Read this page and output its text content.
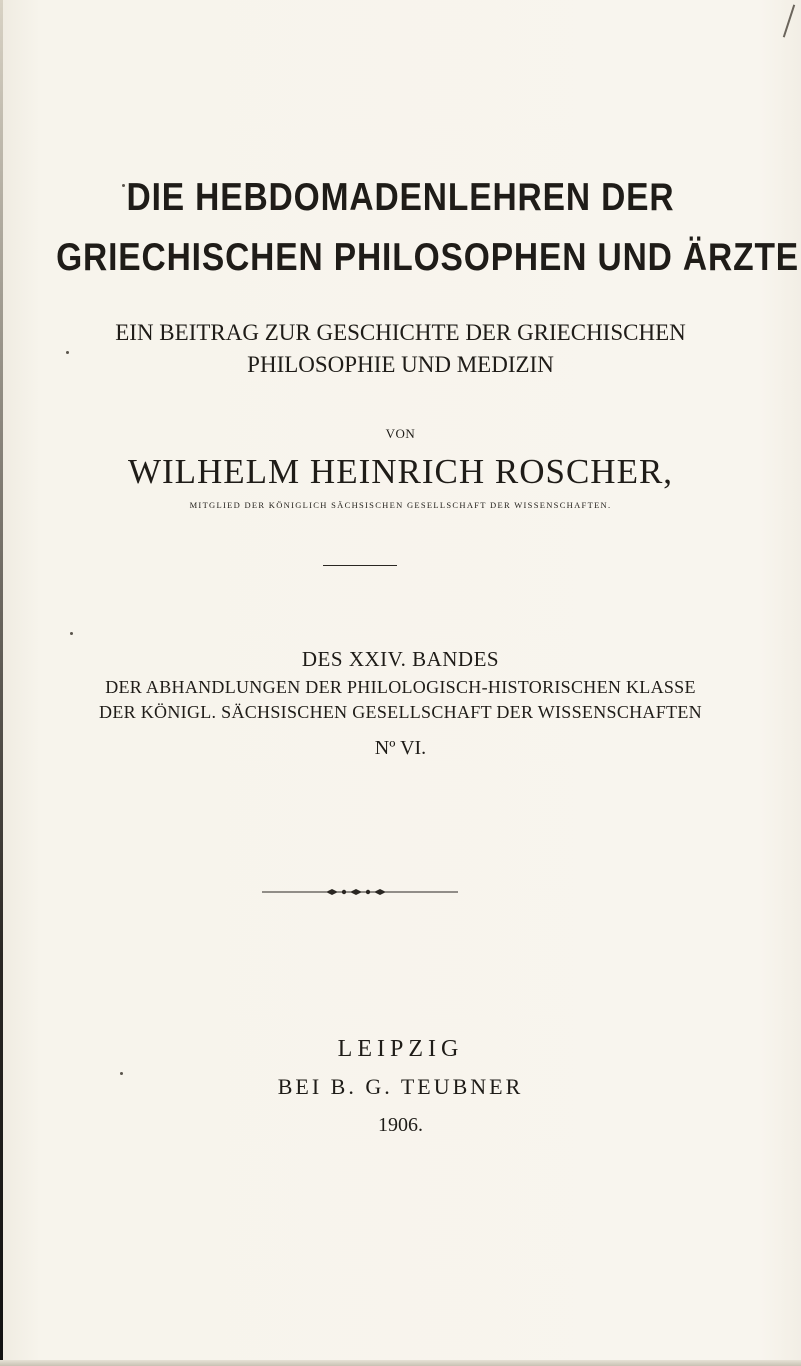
DIE HEBDOMADENLEHREN DER
GRIECHISCHEN PHILOSOPHEN UND ÄRZTE
EIN BEITRAG ZUR GESCHICHTE DER GRIECHISCHEN
PHILOSOPHIE UND MEDIZIN
VON
WILHELM HEINRICH ROSCHER,
MITGLIED DER KÖNIGLICH SÄCHSISCHEN GESELLSCHAFT DER WISSENSCHAFTEN.
DES XXIV. BANDES
DER ABHANDLUNGEN DER PHILOLOGISCH-HISTORISCHEN KLASSE
DER KÖNIGL. SÄCHSISCHEN GESELLSCHAFT DER WISSENSCHAFTEN
Nº VI.
LEIPZIG
BEI B. G. TEUBNER
1906.
